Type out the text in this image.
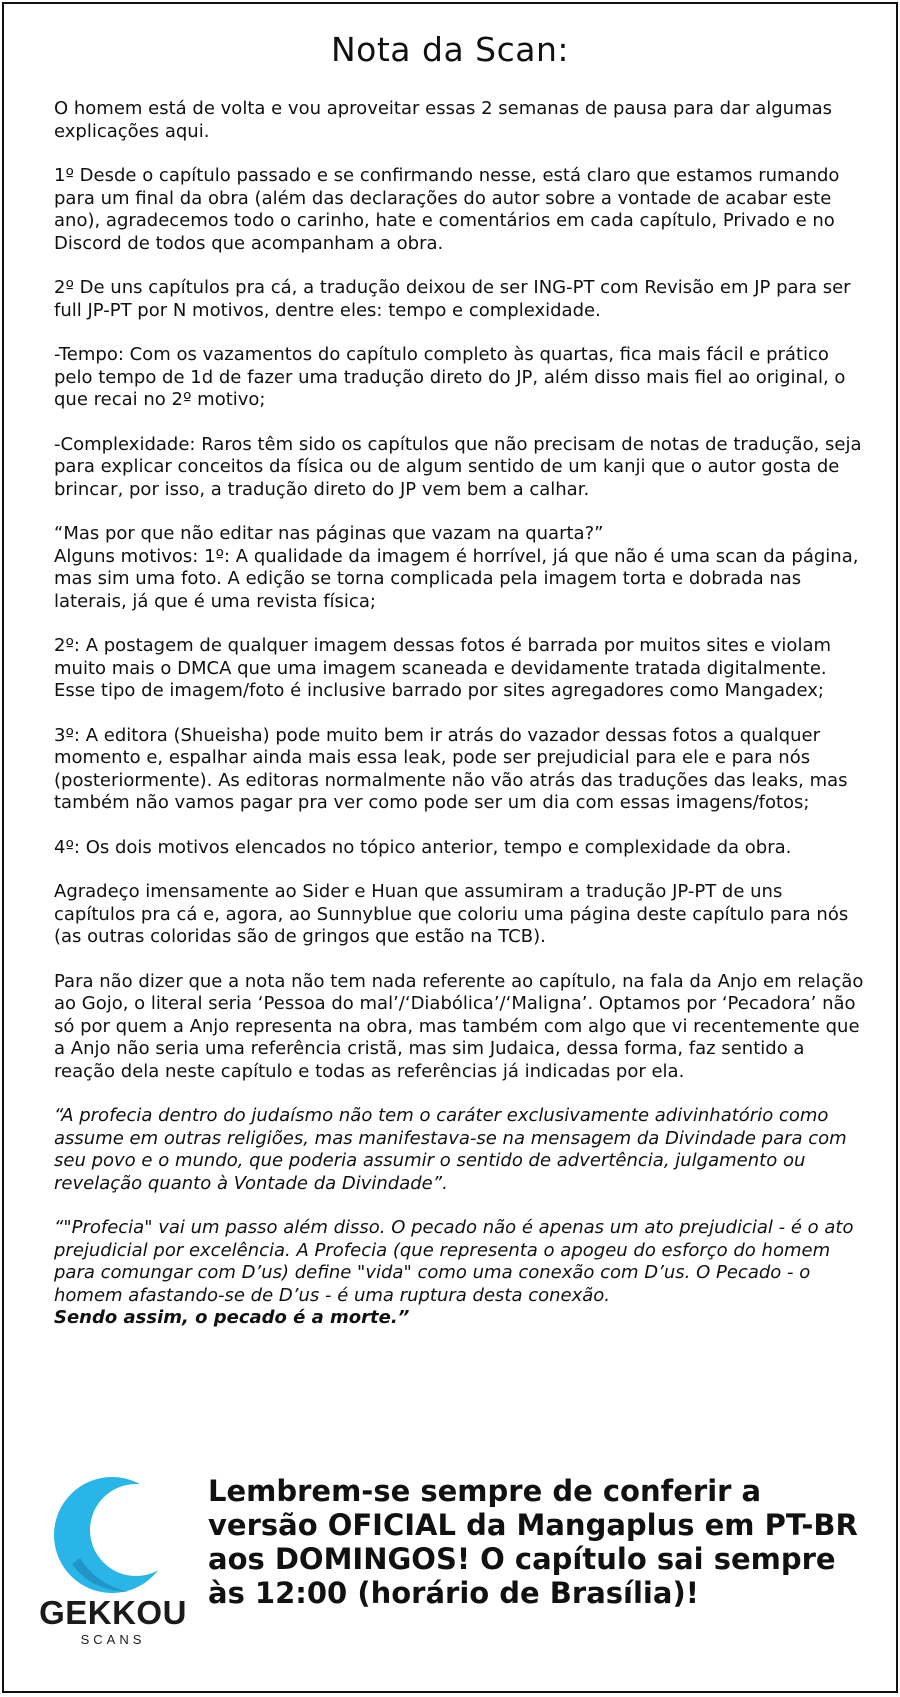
Nota da Scan:

O homem está de volta e vou aproveitar essas 2 semanas de pausa para dar algumas explicações aqui.

1º Desde o capítulo passado e se confirmando nesse, está claro que estamos rumando para um final da obra (além das declarações do autor sobre a vontade de acabar este ano), agradecemos todo o carinho, hate e comentários em cada capítulo, Privado e no Discord de todos que acompanham a obra.

2º De uns capítulos pra cá, a tradução deixou de ser ING-PT com Revisão em JP para ser full JP-PT por N motivos, dentre eles: tempo e complexidade.

-Tempo: Com os vazamentos do capítulo completo às quartas, fica mais fácil e prático pelo tempo de 1d de fazer uma tradução direto do JP, além disso mais fiel ao original, o que recai no 2º motivo;

-Complexidade: Raros têm sido os capítulos que não precisam de notas de tradução, seja para explicar conceitos da física ou de algum sentido de um kanji que o autor gosta de brincar, por isso, a tradução direto do JP vem bem a calhar.

“Mas por que não editar nas páginas que vazam na quarta?”

Alguns motivos: 1º: A qualidade da imagem é horrível, já que não é uma scan da página, mas sim uma foto. A edição se torna complicada pela imagem torta e dobrada nas laterais, já que é uma revista física;

2º: A postagem de qualquer imagem dessas fotos é barrada por muitos sites e violam muito mais o DMCA que uma imagem scaneada e devidamente tratada digitalmente. Esse tipo de imagem/foto é inclusive barrado por sites agregadores como Mangadex;

3º: A editora (Shueisha) pode muito bem ir atrás do vazador dessas fotos a qualquer momento e, espalhar ainda mais essa leak, pode ser prejudicial para ele e para nós (posteriormente). As editoras normalmente não vão atrás das traduções das leaks, mas também não vamos pagar pra ver como pode ser um dia com essas imagens/fotos;

4º: Os dois motivos elencados no tópico anterior, tempo e complexidade da obra.

Agradeço imensamente ao Sider e Huan que assumiram a tradução JP-PT de uns capítulos pra cá e, agora, ao Sunnyblue que coloriu uma página deste capítulo para nós (as outras coloridas são de gringos que estão na TCB).

Para não dizer que a nota não tem nada referente ao capítulo, na fala da Anjo em relação ao Gojo, o literal seria ‘Pessoa do mal’/‘Diabólica’/‘Maligna’. Optamos por ‘Pecadora’ não só por quem a Anjo representa na obra, mas também com algo que vi recentemente que a Anjo não seria uma referência cristã, mas sim Judaica, dessa forma, faz sentido a reação dela neste capítulo e todas as referências já indicadas por ela.

“A profecia dentro do judaísmo não tem o caráter exclusivamente adivinhatório como assume em outras religiões, mas manifestava-se na mensagem da Divindade para com seu povo e o mundo, que poderia assumir o sentido de advertência, julgamento ou revelação quanto à Vontade da Divindade”.

“"Profecia" vai um passo além disso. O pecado não é apenas um ato prejudicial - é o ato prejudicial por excelência. A Profecia (que representa o apogeu do esforço do homem para comungar com D’us) define "vida" como uma conexão com D’us. O Pecado - o homem afastando-se de D’us - é uma ruptura desta conexão.

Sendo assim, o pecado é a morte.”

GEKKOU
SCANS

Lembrem-se sempre de conferir a versão OFICIAL da Mangaplus em PT-BR aos DOMINGOS! O capítulo sai sempre às 12:00 (horário de Brasília)!
